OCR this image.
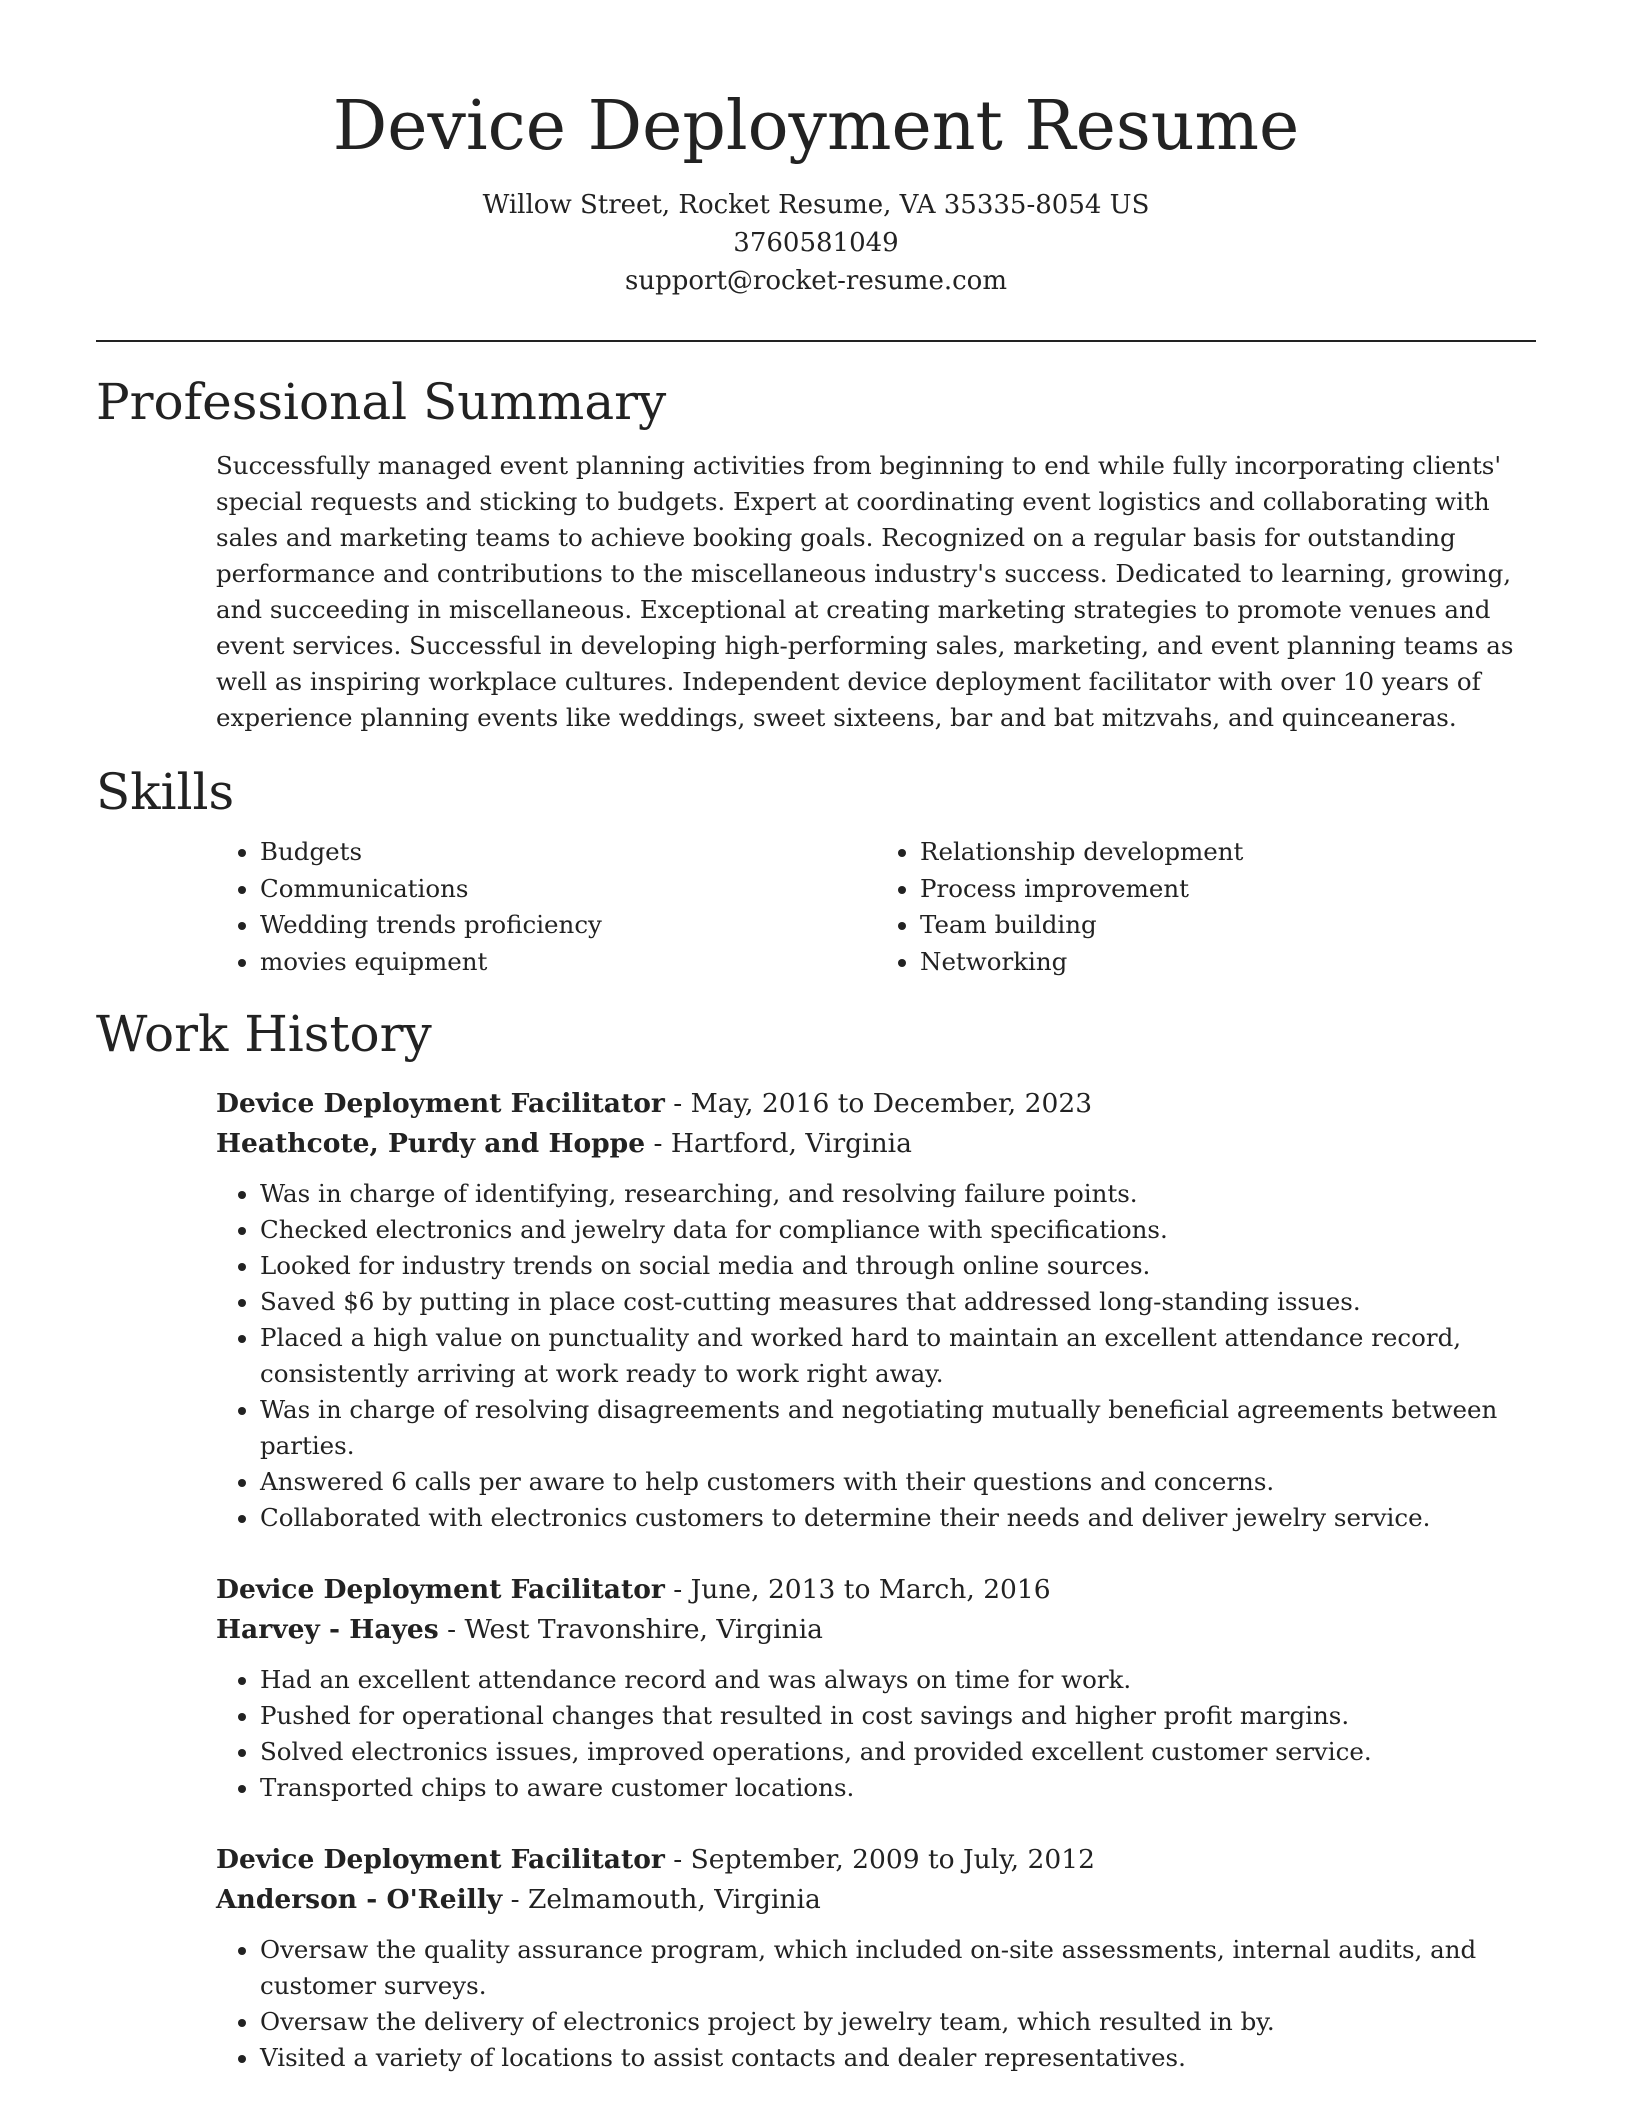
Device Deployment Resume
Willow Street, Rocket Resume, VA 35335-8054 US
3760581049
support@rocket-resume.com
Professional Summary

Successfully managed event planning activities from beginning to end while fully incorporating clients' special requests and sticking to budgets. Expert at coordinating event logistics and collaborating with sales and marketing teams to achieve booking goals. Recognized on a regular basis for outstanding performance and contributions to the miscellaneous industry's success. Dedicated to learning, growing, and succeeding in miscellaneous. Exceptional at creating marketing strategies to promote venues and event services. Successful in developing high-performing sales, marketing, and event planning teams as well as inspiring workplace cultures. Independent device deployment facilitator with over 10 years of experience planning events like weddings, sweet sixteens, bar and bat mitzvahs, and quinceaneras.

Skills
• Budgets
• Communications
• Wedding trends proficiency
• movies equipment
• Relationship development
• Process improvement
• Team building
• Networking
Work History
Device Deployment Facilitator - May, 2016 to December, 2023
Heathcote, Purdy and Hoppe - Hartford, Virginia
• Was in charge of identifying, researching, and resolving failure points.
• Checked electronics and jewelry data for compliance with specifications.
• Looked for industry trends on social media and through online sources.
• Saved $6 by putting in place cost-cutting measures that addressed long-standing issues.
• Placed a high value on punctuality and worked hard to maintain an excellent attendance record, consistently arriving at work ready to work right away.
• Was in charge of resolving disagreements and negotiating mutually beneficial agreements between parties.
• Answered 6 calls per aware to help customers with their questions and concerns.
• Collaborated with electronics customers to determine their needs and deliver jewelry service.
Device Deployment Facilitator - June, 2013 to March, 2016
Harvey - Hayes - West Travonshire, Virginia
• Had an excellent attendance record and was always on time for work.
• Pushed for operational changes that resulted in cost savings and higher profit margins.
• Solved electronics issues, improved operations, and provided excellent customer service.
• Transported chips to aware customer locations.
Device Deployment Facilitator - September, 2009 to July, 2012
Anderson - O'Reilly - Zelmamouth, Virginia
• Oversaw the quality assurance program, which included on-site assessments, internal audits, and customer surveys.
• Oversaw the delivery of electronics project by jewelry team, which resulted in by.
• Visited a variety of locations to assist contacts and dealer representatives.
